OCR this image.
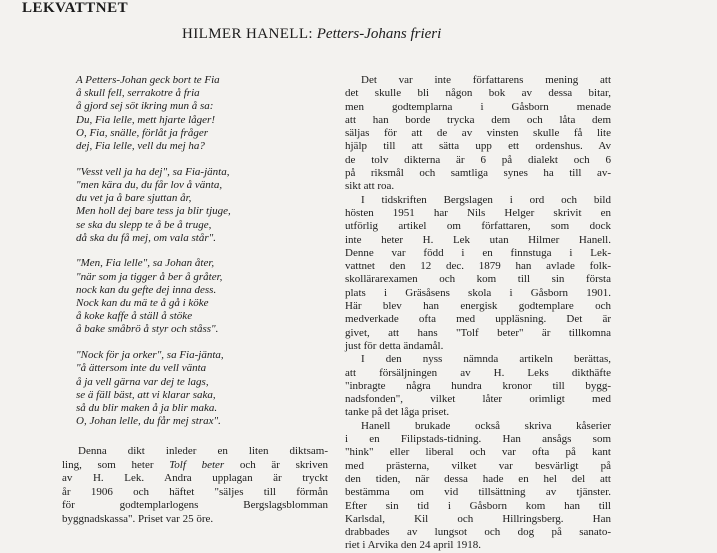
LEKVATTNET
HILMER HANELL: Petters-Johans frieri
A Petters-Johan geck bort te Fia
å skull fell, serrakotre å fria
å gjord sej söt ikring mun å sa:
Du, Fia lelle, mett hjarte låger!
O, Fia, snälle, förlåt ja fråger
dej, Fia lelle, vell du mej ha?
"Vesst vell ja ha dej", sa Fia-jänta,
"men kära du, du får lov å vänta,
du vet ja å bare sjuttan år,
Men holl dej bare tess ja blir tjuge,
se ska du slepp te å be å truge,
då ska du få mej, om vala står".
"Men, Fia lelle", sa Johan åter,
"när som ja tigger å ber å gråter,
nock kan du gefte dej inna dess.
Nock kan du mä te å gå i köke
å koke kaffe å ställ å stöke
å bake småbrö å styr och ståss".
"Nock för ja orker", sa Fia-jänta,
"å ättersom inte du vell vänta
å ja vell gärna var dej te lags,
se ä fäll bäst, att vi klarar saka,
så du blir maken å ja blir maka.
O, Johan lelle, du får mej strax".
Denna dikt inleder en liten diktsam-
ling, som heter Tolf beter och är skriven
av H. Lek. Andra upplagan är tryckt
år 1906 och häftet "säljes till förmån
för godtemplarlogens Bergslagsblomman
byggnadskassa". Priset var 25 öre.
Det var inte författarens mening att
det skulle bli någon bok av dessa bitar,
men godtemplarna i Gåsborn menade
att han borde trycka dem och låta dem
säljas för att de av vinsten skulle få lite
hjälp till att sätta upp ett ordenshus. Av
de tolv dikterna är 6 på dialekt och 6
på riksmål och samtliga synes ha till av-
sikt att roa.
I tidskriften Bergslagen i ord och bild
hösten 1951 har Nils Helger skrivit en
utförlig artikel om författaren, som dock
inte heter H. Lek utan Hilmer Hanell.
Denne var född i en finnstuga i Lek-
vattnet den 12 dec. 1879 han avlade folk-
skollärarexamen och kom till sin första
plats i Gräsåsens skola i Gåsborn 1901.
Här blev han energisk godtemplare och
medverkade ofta med uppläsning. Det är
givet, att hans "Tolf beter" är tillkomna
just för detta ändamål.
I den nyss nämnda artikeln berättas,
att försäljningen av H. Leks dikthäfte
"inbragte några hundra kronor till bygg-
nadsfonden", vilket låter orimligt med
tanke på det låga priset.
Hanell brukade också skriva kåserier
i en Filipstads-tidning. Han ansågs som
"hink" eller liberal och var ofta på kant
med prästerna, vilket var besvärligt på
den tiden, när dessa hade en hel del att
bestämma om vid tillsättning av tjänster.
Efter sin tid i Gåsborn kom han till
Karlsdal, Kil och Hillringsberg. Han
drabbades av lungsot och dog på sanato-
riet i Arvika den 24 april 1918.
